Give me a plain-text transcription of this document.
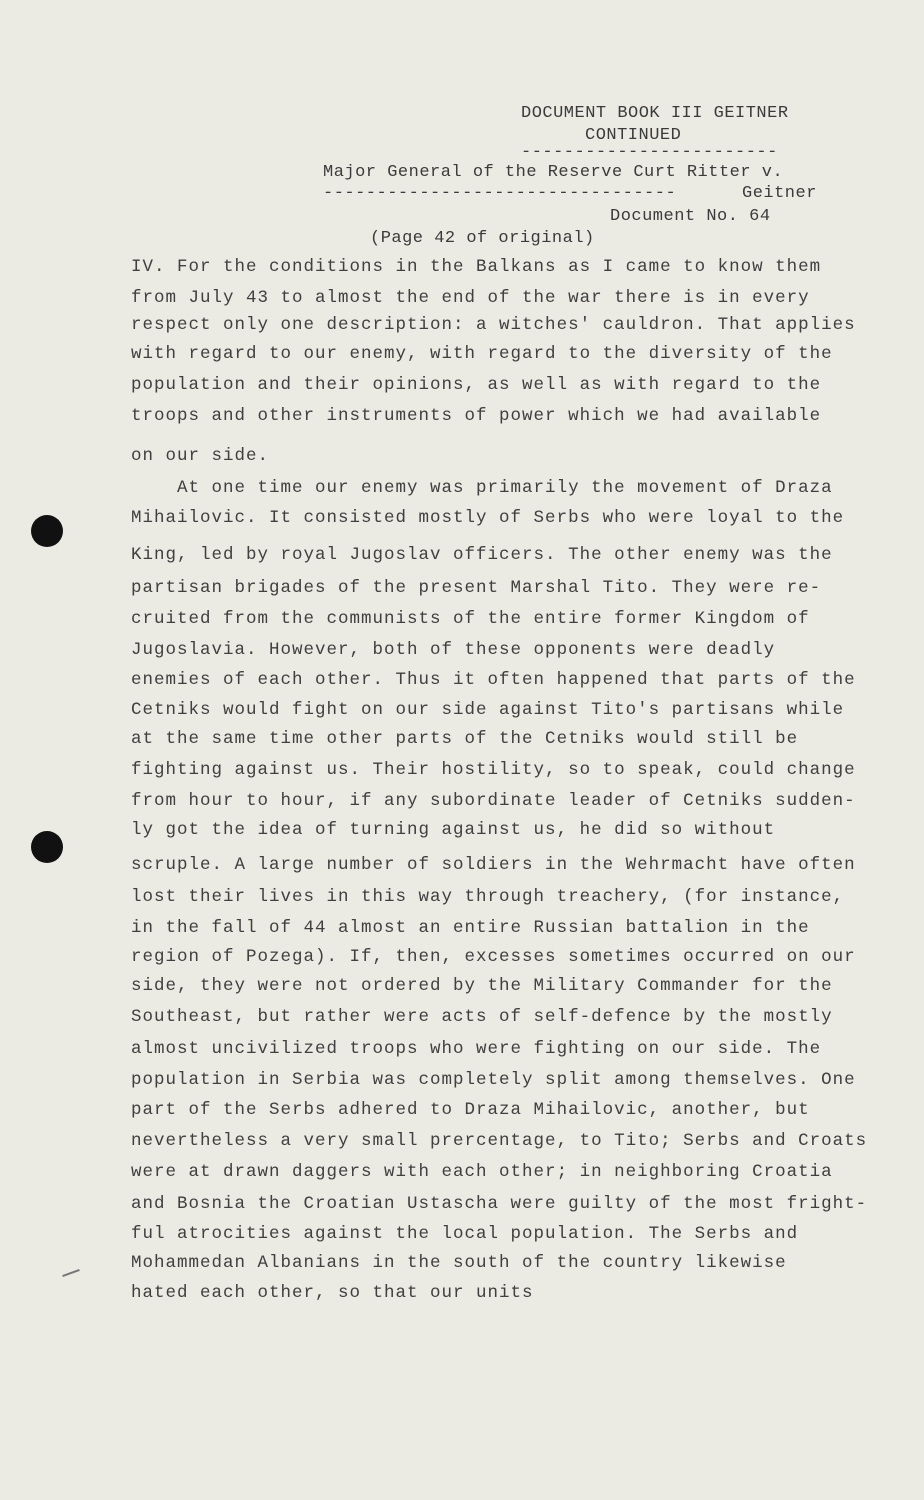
DOCUMENT BOOK III GEITNER
CONTINUED
------------------------
Major General of the Reserve Curt Ritter v.
---------------------------------	Geitner
Document No. 64
(Page 42 of original)
IV. For the conditions in the Balkans as I came to know them
from July 43 to almost the end of the war there is in every
respect only one description: a witches' cauldron. That applies
with regard to our enemy, with regard to the diversity of the
population and their opinions, as well as with regard to the
troops and other instruments of power which we had available
on our side.
At one time our enemy was primarily the movement of Draza
Mihailovic. It consisted mostly of Serbs who were loyal to the
King, led by royal Jugoslav officers. The other enemy was the
partisan brigades of the present Marshal Tito. They were re-
cruited from the communists of the entire former Kingdom of
Jugoslavia. However, both of these opponents were deadly
enemies of each other. Thus it often happened that parts of the
Cetniks would fight on our side against Tito's partisans while
at the same time other parts of the Cetniks would still be
fighting against us. Their hostility, so to speak, could change
from hour to hour, if any subordinate leader of Cetniks sudden-
ly got the idea of turning against us, he did so without
scruple. A large number of soldiers in the Wehrmacht have often
lost their lives in this way through treachery, (for instance,
in the fall of 44 almost an entire Russian battalion in the
region of Pozega). If, then, excesses sometimes occurred on our
side, they were not ordered by the Military Commander for the
Southeast, but rather were acts of self-defence by the mostly
almost uncivilized troops who were fighting on our side. The
population in Serbia was completely split among themselves. One
part of the Serbs adhered to Draza Mihailovic, another, but
nevertheless a very small prercentage, to Tito; Serbs and Croats
were at drawn daggers with each other; in neighboring Croatia
and Bosnia the Croatian Ustascha were guilty of the most fright-
ful atrocities against the local population. The Serbs and
Mohammedan Albanians in the south of the country likewise
hated each other, so that our units
